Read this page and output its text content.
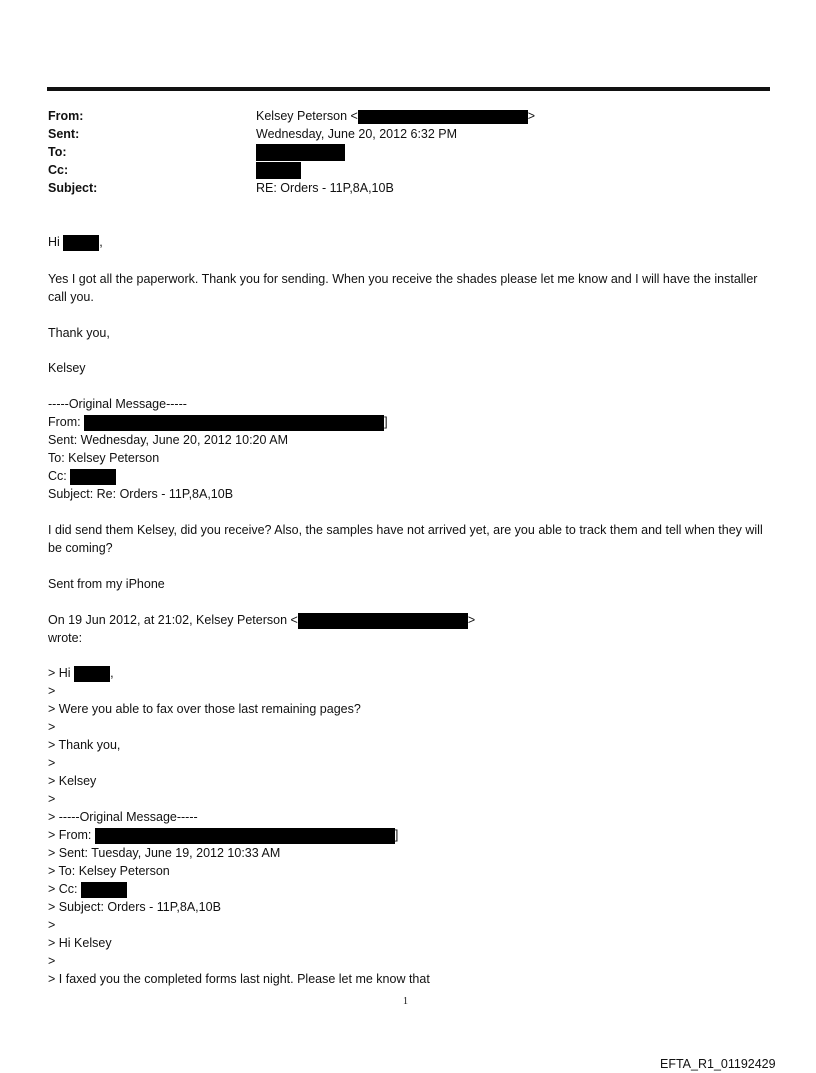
From:	Kelsey Peterson <	>
Sent:	Wednesday, June 20, 2012 6:32 PM
To:
Cc:
Subject:	RE: Orders - 11P,8A,10B
Hi	,
Yes I got all the paperwork. Thank you for sending. When you receive the shades please let me know and I will have the installer call you.
Thank you,
Kelsey
-----Original Message-----
From:	]
Sent: Wednesday, June 20, 2012 10:20 AM
To: Kelsey Peterson
Cc:
Subject: Re: Orders - 11P,8A,10B
I did send them Kelsey, did you receive? Also, the samples have not arrived yet, are you able to track them and tell when they will be coming?
Sent from my iPhone
On 19 Jun 2012, at 21:02, Kelsey Peterson <	>
wrote:
> Hi	,
>
> Were you able to fax over those last remaining pages?
>
> Thank you,
>
> Kelsey
>
> -----Original Message-----
> From:	]
> Sent: Tuesday, June 19, 2012 10:33 AM
> To: Kelsey Peterson
> Cc:
> Subject: Orders - 11P,8A,10B
>
> Hi Kelsey
>
> I faxed you the completed forms last night. Please let me know that
1
EFTA_R1_01192429
